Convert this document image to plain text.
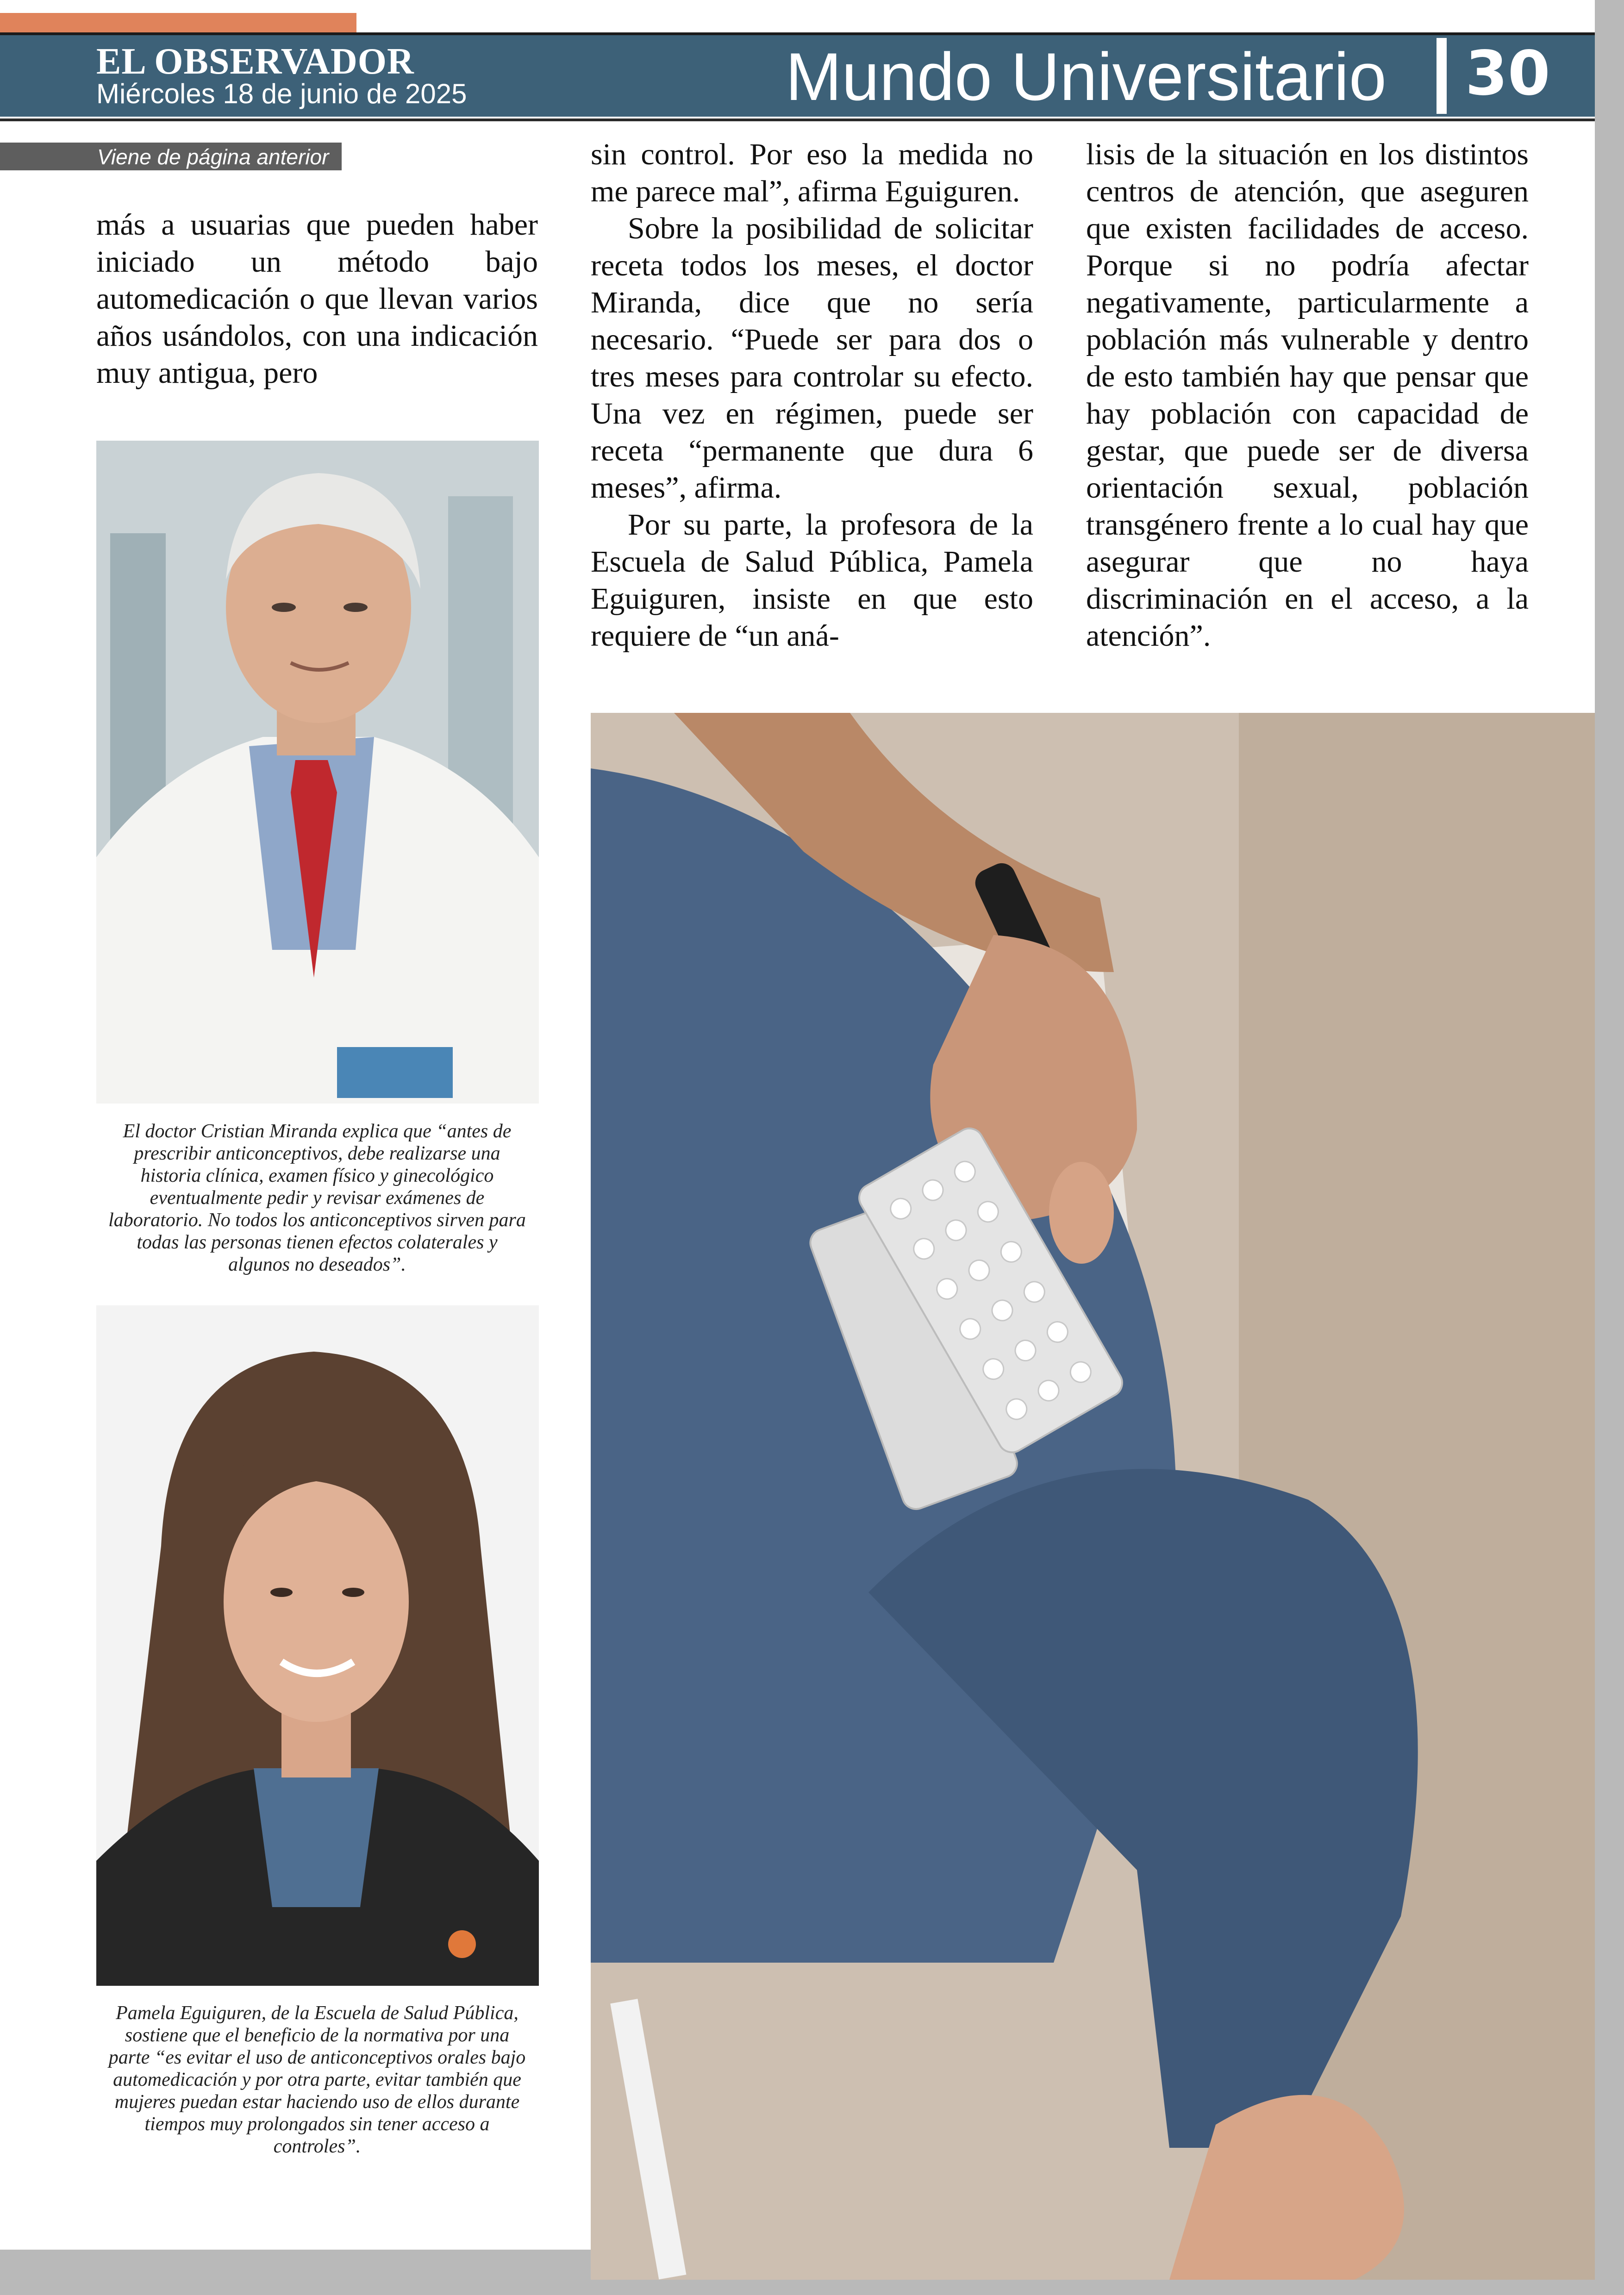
EL OBSERVADOR
Miércoles 18 de junio de 2025	Mundo Universitario 30
Viene de página anterior

más a usuarias que pueden haber iniciado un método bajo automedicación o que llevan varios años usándolos, con una indicación muy antigua, pero

sin control. Por eso la medida no me parece mal”, afirma Eguiguren.

Sobre la posibilidad de solicitar receta todos los meses, el doctor Miranda, dice que no sería necesario. “Puede ser para dos o tres meses para controlar su efecto. Una vez en régimen, puede ser receta “permanente que dura 6 meses”, afirma.

Por su parte, la profesora de la Escuela de Salud Pública, Pamela Eguiguren, insiste en que esto requiere de “un aná-

lisis de la situación en los distintos centros de atención, que aseguren que existen facilidades de acceso. Porque si no podría afectar negativamente, particularmente a población más vulnerable y dentro de esto también hay que pensar que hay población con capacidad de gestar, que puede ser de diversa orientación sexual, población transgénero frente a lo cual hay que asegurar que no haya discriminación en el acceso, a la atención”.

El doctor Cristian Miranda explica que “antes de prescribir anticonceptivos, debe realizarse una historia clínica, examen físico y ginecológico eventualmente pedir y revisar exámenes de laboratorio. No todos los anticonceptivos sirven para todas las personas tienen efectos colaterales y algunos no deseados”.
Pamela Eguiguren, de la Escuela de Salud Pública, sostiene que el beneficio de la normativa por una parte “es evitar el uso de anticonceptivos orales bajo automedicación y por otra parte, evitar también que mujeres puedan estar haciendo uso de ellos durante tiempos muy prolongados sin tener acceso a controles”.
